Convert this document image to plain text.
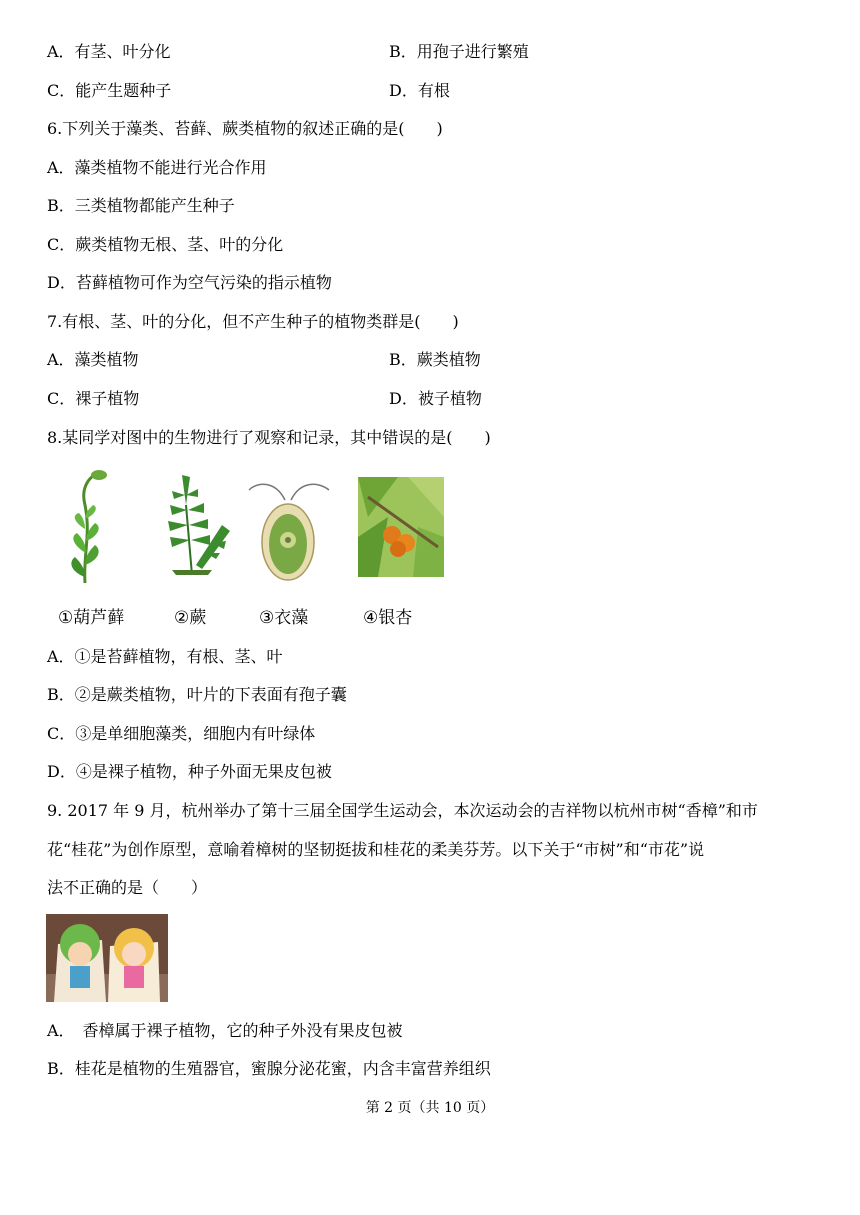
A．有茎、叶分化	B．用孢子进行繁殖
C．能产生题种子	D．有根
6.下列关于藻类、苔藓、蕨类植物的叙述正确的是(　　)
A．藻类植物不能进行光合作用
B．三类植物都能产生种子
C．蕨类植物无根、茎、叶的分化
D．苔藓植物可作为空气污染的指示植物
7.有根、茎、叶的分化，但不产生种子的植物类群是(　　)
A．藻类植物	B．蕨类植物
C．裸子植物	D．被子植物
8.某同学对图中的生物进行了观察和记录，其中错误的是(　　)
①葫芦藓	②蕨	③衣藻	④银杏
A．①是苔藓植物，有根、茎、叶
B．②是蕨类植物，叶片的下表面有孢子囊
C．③是单细胞藻类，细胞内有叶绿体
D．④是裸子植物，种子外面无果皮包被
9. 2017 年 9 月，杭州举办了第十三届全国学生运动会，本次运动会的吉祥物以杭州市树“香樟”和市
花“桂花”为创作原型，意喻着樟树的坚韧挺拔和桂花的柔美芬芳。以下关于“市树”和“市花”说
法不正确的是（　　）
A．　香樟属于裸子植物，它的种子外没有果皮包被
B．桂花是植物的生殖器官，蜜腺分泌花蜜，内含丰富营养组织
第 2 页（共 10 页）
